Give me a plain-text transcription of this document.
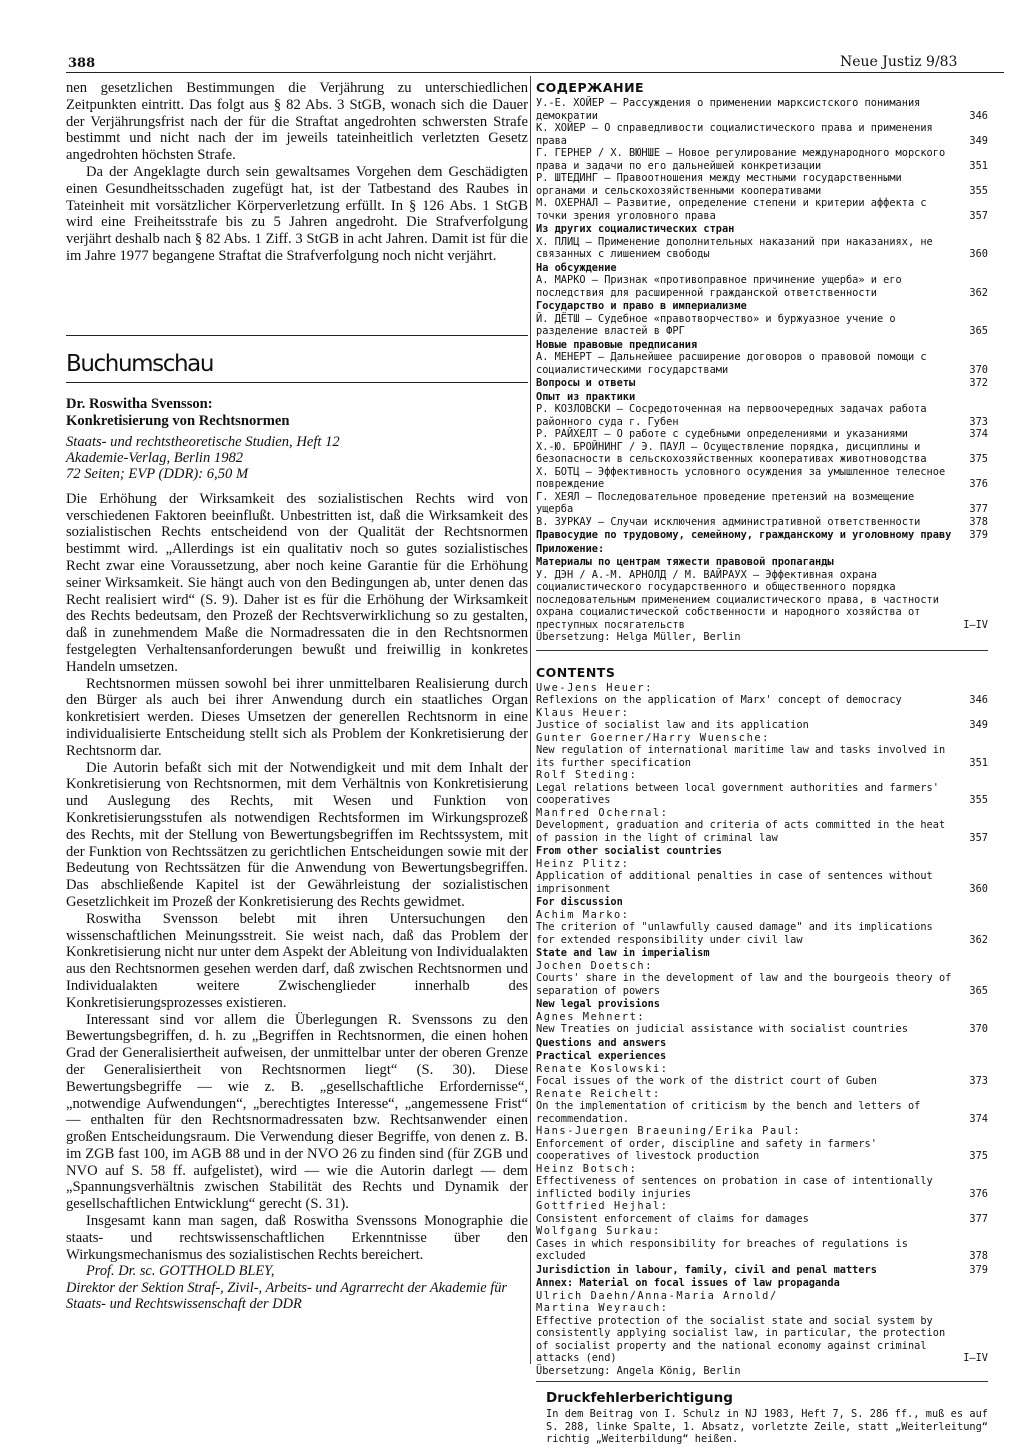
388	Neue Justiz 9/83

nen gesetzlichen Bestimmungen die Verjährung zu unterschiedlichen Zeitpunkten eintritt. Das folgt aus § 82 Abs. 3 StGB, wonach sich die Dauer der Verjährungsfrist nach der für die Straftat angedrohten schwersten Strafe bestimmt und nicht nach der im jeweils tateinheitlich verletzten Gesetz angedrohten höchsten Strafe.

Da der Angeklagte durch sein gewaltsames Vorgehen dem Geschädigten einen Gesundheitsschaden zugefügt hat, ist der Tatbestand des Raubes in Tateinheit mit vorsätzlicher Körperverletzung erfüllt. In § 126 Abs. 1 StGB wird eine Freiheitsstrafe bis zu 5 Jahren angedroht. Die Strafverfolgung verjährt deshalb nach § 82 Abs. 1 Ziff. 3 StGB in acht Jahren. Damit ist für die im Jahre 1977 begangene Straftat die Strafverfolgung noch nicht verjährt.

Buchumschau

Dr. Roswitha Svensson:

Konkretisierung von Rechtsnormen

Staats- und rechtstheoretische Studien, Heft 12
Akademie-Verlag, Berlin 1982
72 Seiten; EVP (DDR): 6,50 M

Die Erhöhung der Wirksamkeit des sozialistischen Rechts wird von verschiedenen Faktoren beeinflußt. Unbestritten ist, daß die Wirksamkeit des sozialistischen Rechts entscheidend von der Qualität der Rechtsnormen bestimmt wird. „Allerdings ist ein qualitativ noch so gutes sozialistisches Recht zwar eine Voraussetzung, aber noch keine Garantie für die Erhöhung seiner Wirksamkeit. Sie hängt auch von den Bedingungen ab, unter denen das Recht realisiert wird“ (S. 9). Daher ist es für die Erhöhung der Wirksamkeit des Rechts bedeutsam, den Prozeß der Rechtsverwirklichung so zu gestalten, daß in zunehmendem Maße die Normadressaten die in den Rechtsnormen festgelegten Verhaltensanforderungen bewußt und freiwillig in konkretes Handeln umsetzen.

Rechtsnormen müssen sowohl bei ihrer unmittelbaren Realisierung durch den Bürger als auch bei ihrer Anwendung durch ein staatliches Organ konkretisiert werden. Dieses Umsetzen der generellen Rechtsnorm in eine individualisierte Entscheidung stellt sich als Problem der Konkretisierung der Rechtsnorm dar.

Die Autorin befaßt sich mit der Notwendigkeit und mit dem Inhalt der Konkretisierung von Rechtsnormen, mit dem Verhältnis von Konkretisierung und Auslegung des Rechts, mit Wesen und Funktion von Konkretisierungsstufen als notwendigen Rechtsformen im Wirkungsprozeß des Rechts, mit der Stellung von Bewertungsbegriffen im Rechtssystem, mit der Funktion von Rechtssätzen zu gerichtlichen Entscheidungen sowie mit der Bedeutung von Rechtssätzen für die Anwendung von Bewertungsbegriffen. Das abschließende Kapitel ist der Gewährleistung der sozialistischen Gesetzlichkeit im Prozeß der Konkretisierung des Rechts gewidmet.

Roswitha Svensson belebt mit ihren Untersuchungen den wissenschaftlichen Meinungsstreit. Sie weist nach, daß das Problem der Konkretisierung nicht nur unter dem Aspekt der Ableitung von Individualakten aus den Rechtsnormen gesehen werden darf, daß zwischen Rechtsnormen und Individualakten weitere Zwischenglieder innerhalb des Konkretisierungsprozesses existieren.

Interessant sind vor allem die Überlegungen R. Svenssons zu den Bewertungsbegriffen, d. h. zu „Begriffen in Rechtsnormen, die einen hohen Grad der Generalisiertheit aufweisen, der unmittelbar unter der oberen Grenze der Generalisiertheit von Rechtsnormen liegt“ (S. 30). Diese Bewertungsbegriffe — wie z. B. „gesellschaftliche Erfordernisse“, „notwendige Aufwendungen“, „berechtigtes Interesse“, „angemessene Frist“ — enthalten für den Rechtsnormadressaten bzw. Rechtsanwender einen großen Entscheidungsraum. Die Verwendung dieser Begriffe, von denen z. B. im ZGB fast 100, im AGB 88 und in der NVO 26 zu finden sind (für ZGB und NVO auf S. 58 ff. aufgelistet), wird — wie die Autorin darlegt — dem „Spannungsverhältnis zwischen Stabilität des Rechts und Dynamik der gesellschaftlichen Entwicklung“ gerecht (S. 31).

Insgesamt kann man sagen, daß Roswitha Svenssons Monographie die staats- und rechtswissenschaftlichen Erkenntnisse über den Wirkungsmechanismus des sozialistischen Rechts bereichert.

Prof. Dr. sc. GOTTHOLD BLEY,

Direktor der Sektion Straf-, Zivil-, Arbeits- und Agrarrecht der Akademie für Staats- und Rechtswissenschaft der DDR

СОДЕРЖАНИЕ

У.-Е. ХОЙЕР — Рассуждения о применении марксистского понимания демократии	346
К. ХОЙЕР — О справедливости социалистического права и применения права	349
Г. ГЕРНЕР / Х. ВЮНШЕ — Новое регулирование международного морского права и задачи по его дальнейшей конкретизации	351
Р. ШТЕДИНГ — Правоотношения между местными государственными органами и сельскохозяйственными кооперативами	355
М. ОХЕРНАЛ — Развитие, определение степени и критерии аффекта с точки зрения уголовного права	357
Из других социалистических стран
Х. ПЛИЦ — Применение дополнительных наказаний при наказаниях, не связанных с лишением свободы	360
На обсуждение
А. МАРКО — Признак «противоправное причинение ущерба» и его последствия для расширенной гражданской ответственности	362
Государство и право в империализме
Й. ДЁТШ — Судебное «правотворчество» и буржуазное учение о разделение властей в ФРГ	365
Новые правовые предписания
А. МЕНЕРТ — Дальнейшее расширение договоров о правовой помощи с социалистическими государствами	370
Вопросы и ответы	372
Опыт из практики
Р. КОЗЛОВСКИ — Сосредоточенная на первоочередных задачах работа районного суда г. Губен	373
Р. РАЙХЕЛТ — О работе с судебными определениями и указаниями	374
Х.-Ю. БРОЙНИНГ / Э. ПАУЛ — Осуществление порядка, дисциплины и безопасности в сельскохозяйственных кооперативах животноводства	375
Х. БОТЦ — Эффективность условного осуждения за умышленное телесное повреждение	376
Г. ХЕЯЛ — Последовательное проведение претензий на возмещение ущерба	377
В. ЗУРКАУ — Случаи исключения административной ответственности	378
Правосудие по трудовому, семейному, гражданскому и уголовному праву	379
Приложение:
Материалы по центрам тяжести правовой пропаганды
У. ДЭН / А.-М. АРНОЛД / М. ВАЙРАУХ — Эффективная охрана социалистического государственного и общественного порядка последовательным применением социалистического права, в частности охрана социалистической собственности и народного хозяйства от преступных посягательств	I—IV
Übersetzung: Helga Müller, Berlin

CONTENTS

Uwe-Jens Heuer:
Reflexions on the application of Marx' concept of democracy	346
Klaus Heuer:
Justice of socialist law and its application	349
Gunter Goerner/Harry Wuensche:
New regulation of international maritime law and tasks involved in its further specification	351
Rolf Steding:
Legal relations between local government authorities and farmers' cooperatives	355
Manfred Ochernal:
Development, graduation and criteria of acts committed in the heat of passion in the light of criminal law	357
From other socialist countries
Heinz Plitz:
Application of additional penalties in case of sentences without imprisonment	360
For discussion
Achim Marko:
The criterion of "unlawfully caused damage" and its implications for extended responsibility under civil law	362
State and law in imperialism
Jochen Doetsch:
Courts' share in the development of law and the bourgeois theory of separation of powers	365
New legal provisions
Agnes Mehnert:
New Treaties on judicial assistance with socialist countries	370
Questions and answers
Practical experiences
Renate Koslowski:
Focal issues of the work of the district court of Guben	373
Renate Reichelt:
On the implementation of criticism by the bench and letters of recommendation.	374
Hans-Juergen Braeuning/Erika Paul:
Enforcement of order, discipline and safety in farmers' cooperatives of livestock production	375
Heinz Botsch:
Effectiveness of sentences on probation in case of intentionally inflicted bodily injuries	376
Gottfried Hejhal:
Consistent enforcement of claims for damages	377
Wolfgang Surkau:
Cases in which responsibility for breaches of regulations is excluded	378
Jurisdiction in labour, family, civil and penal matters	379
Annex: Material on focal issues of law propaganda
Ulrich Daehn/Anna-Maria Arnold/
Martina Weyrauch:
Effective protection of the socialist state and social system by consistently applying socialist law, in particular, the protection of socialist property and the national economy against criminal attacks (end)	I—IV
Übersetzung: Angela König, Berlin

Druckfehlerberichtigung

In dem Beitrag von I. Schulz in NJ 1983, Heft 7, S. 286 ff., muß es auf S. 288, linke Spalte, 1. Absatz, vorletzte Zeile, statt „Weiterleitung“ richtig „Weiterbildung“ heißen.
